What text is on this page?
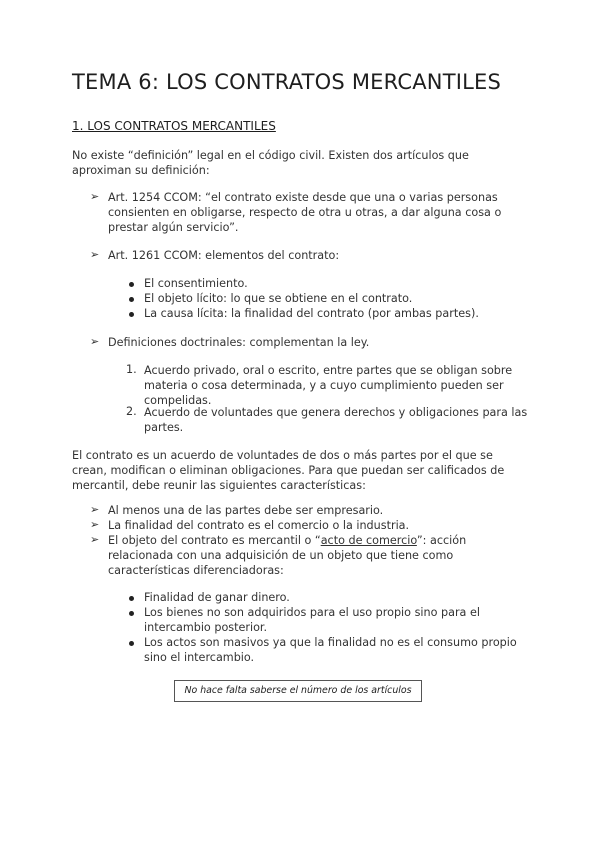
TEMA 6: LOS CONTRATOS MERCANTILES
1. LOS CONTRATOS MERCANTILES

No existe “definición” legal en el código civil. Existen dos artículos que aproximan su definición:

➢ Art. 1254 CCOM: “el contrato existe desde que una o varias personas consienten en obligarse, respecto de otra u otras, a dar alguna cosa o prestar algún servicio”.

➢ Art. 1261 CCOM: elementos del contrato:

El consentimiento.

El objeto lícito: lo que se obtiene en el contrato.

La causa lícita: la finalidad del contrato (por ambas partes).

➢ Definiciones doctrinales: complementan la ley.

1. Acuerdo privado, oral o escrito, entre partes que se obligan sobre materia o cosa determinada, y a cuyo cumplimiento pueden ser compelidas.

2. Acuerdo de voluntades que genera derechos y obligaciones para las partes.

El contrato es un acuerdo de voluntades de dos o más partes por el que se crean, modifican o eliminan obligaciones. Para que puedan ser calificados de mercantil, debe reunir las siguientes características:

➢ Al menos una de las partes debe ser empresario.

➢ La finalidad del contrato es el comercio o la industria.

➢ El objeto del contrato es mercantil o “acto de comercio”: acción relacionada con una adquisición de un objeto que tiene como características diferenciadoras:

Finalidad de ganar dinero.

Los bienes no son adquiridos para el uso propio sino para el intercambio posterior.

Los actos son masivos ya que la finalidad no es el consumo propio sino el intercambio.

No hace falta saberse el número de los artículos
